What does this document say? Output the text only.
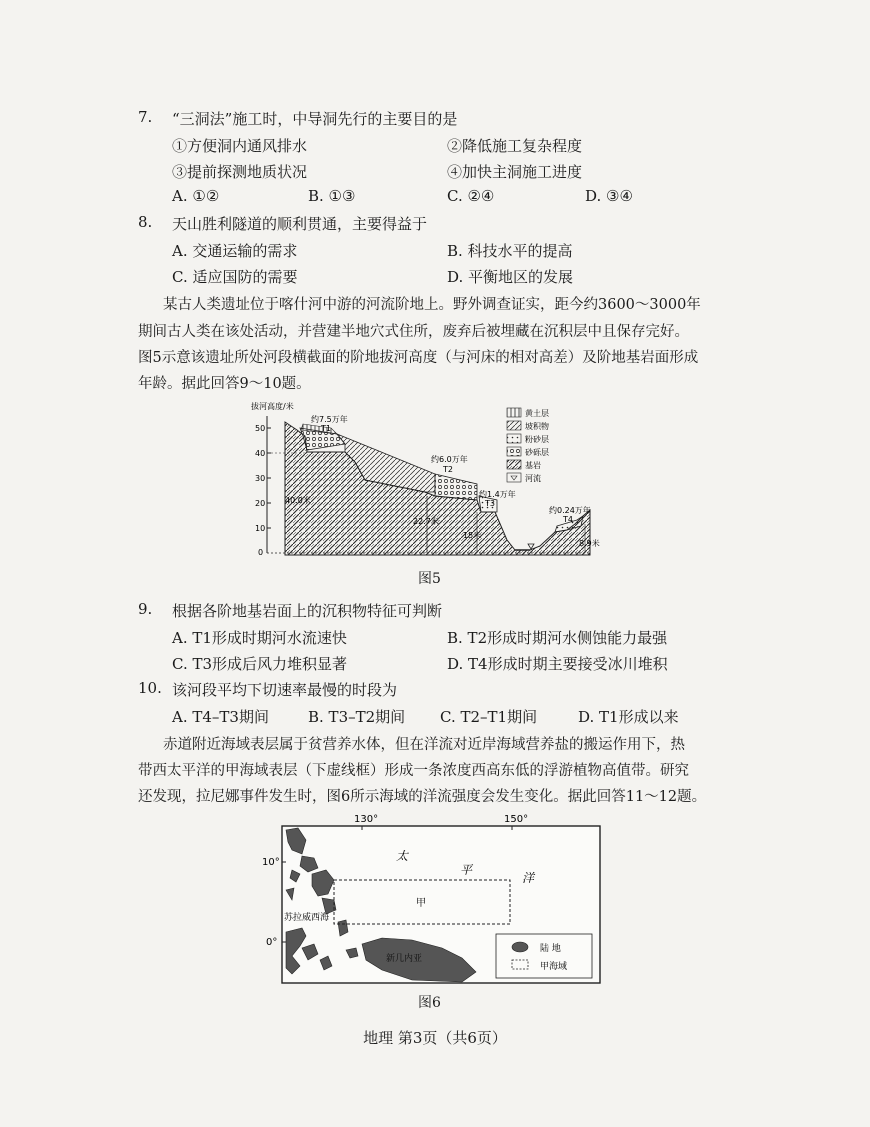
7. “三洞法”施工时，中导洞先行的主要目的是
①方便洞内通风排水	②降低施工复杂程度
③提前探测地质状况	④加快主洞施工进度
A. ①②	B. ①③	C. ②④	D. ③④
8. 天山胜利隧道的顺利贯通，主要得益于
A. 交通运输的需求	B. 科技水平的提高
C. 适应国防的需要	D. 平衡地区的发展
某古人类遗址位于喀什河中游的河流阶地上。野外调查证实，距今约3600～3000年
期间古人类在该处活动，并营建半地穴式住所，废弃后被埋藏在沉积层中且保存完好。
图5示意该遗址所处河段横截面的阶地拔河高度（与河床的相对高差）及阶地基岩面形成
年龄。据此回答9～10题。
拔河高度/米
50
40
30
20
10
0
40.0米
22.7米
15米
8.9米
约7.5万年
T1
约6.0万年
T2
约1.4万年
T3
约0.24万年
T4
黄土层
坡积物
粉砂层
砂砾层
基岩
河流
图5
9. 根据各阶地基岩面上的沉积物特征可判断
A. T1形成时期河水流速快	B. T2形成时期河水侧蚀能力最强
C. T3形成后风力堆积显著	D. T4形成时期主要接受冰川堆积
10. 该河段平均下切速率最慢的时段为
A. T4–T3期间	B. T3–T2期间 C. T2–T1期间	D. T1形成以来
赤道附近海域表层属于贫营养水体，但在洋流对近岸海域营养盐的搬运作用下，热
带西太平洋的甲海域表层（下虚线框）形成一条浓度西高东低的浮游植物高值带。研究
还发现，拉尼娜事件发生时，图6所示海域的洋流强度会发生变化。据此回答11～12题。
130°	150°
10°
0°
太
平
洋
甲
苏拉威西海
新几内亚
陆 地
甲海域
图6
地理 第3页（共6页）
